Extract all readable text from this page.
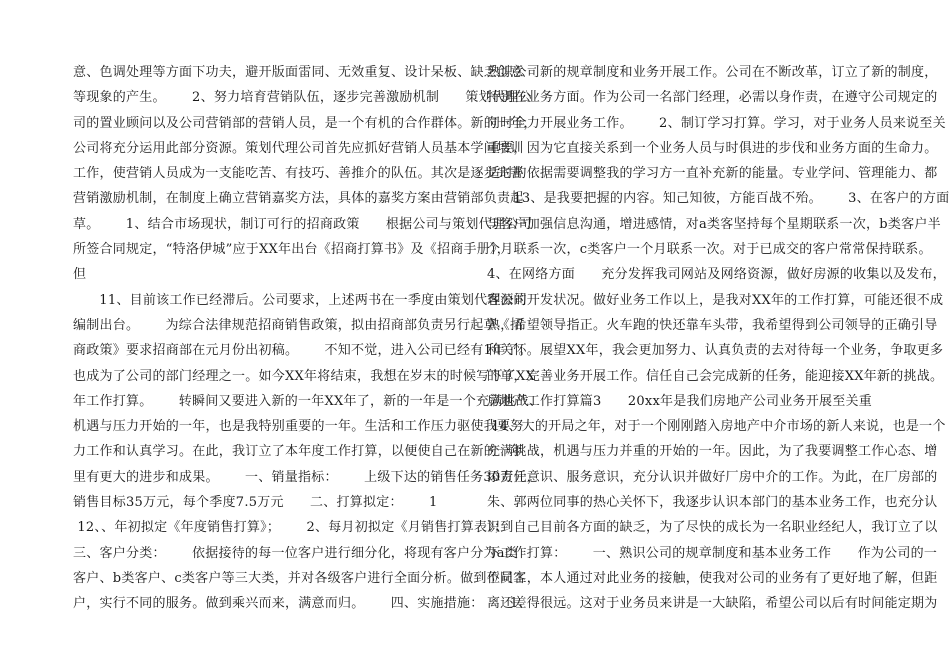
意、色调处理等方面下功夫，避开版面雷同、无效重复、设计呆板、缺乏创意
等现象的产生。      2、努力培育营销队伍，逐步完善激励机制      策划代理公
司的置业顾问以及公司营销部的营销人员，是一个有机的合作群体。新的一年，
公司将充分运用此部分资源。策划代理公司首先应抓好营销人员基本学问培训
工作，使营销人员成为一支能吃苦、有技巧、善推介的队伍。其次是逐步完善
营销激励机制，在制度上确立营销嘉奖方法，具体的嘉奖方案由营销部负责起
草。      1、结合市场现状，制订可行的招商政策      根据公司与策划代理公司
所签合同规定，“特洛伊城”应于XX年出台《招商打算书》及《招商手册》，
但
11、目前该工作已经滞后。公司要求，上述两书在一季度由策划代理公司
编制出台。      为综合法律规范招商销售政策，拟由招商部负责另行起草《招
商政策》要求招商部在元月份出初稿。      不知不觉，进入公司已经有1年了。
也成为了公司的部门经理之一。如今XX年将结束，我想在岁末的时候写下了XX
年工作打算。      转瞬间又要进入新的一年XX年了，新的一年是一个充满挑战、
机遇与压力开始的一年，也是我特别重要的一年。生活和工作压力驱使我要努
力工作和认真学习。在此，我订立了本年度工作打算，以便使自己在新的一年
里有更大的进步和成果。      一、销量指标：      上级下达的销售任务30万元，
销售目标35万元，每个季度7.5万元      二、打算拟定：      1
12、、年初拟定《年度销售打算》；      2、每月初拟定《月销售打算表》；
三、客户分类：      依据接待的每一位客户进行细分化，将现有客户分为a类
客户、b类客户、c类客户等三大类，并对各级客户进行全面分析。做到不同客
户，实行不同的服务。做到乘兴而来，满意而归。      四、实施措施：      1、
熟识公司新的规章制度和业务开展工作。公司在不断改革，订立了新的制度，
特别在业务方面。作为公司一名部门经理，必需以身作责，在遵守公司规定的
同时全力开展业务工作。      2、制订学习打算。学习，对于业务人员来说至关
重要，因为它直接关系到一个业务人员与时俱进的步伐和业务方面的生命力。
适时的依据需要调整我的学习方一直补充新的能量。专业学问、管理能力、都
13、是我要把握的内容。知己知彼，方能百战不殆。      3、在客户的方面
与客户加强信息沟通，增进感情，对a类客坚持每个星期联系一次，b类客户半
个月联系一次，c类客户一个月联系一次。对于已成交的客户常常保持联系。
4、在网络方面      充分发挥我司网站及网络资源，做好房源的收集以及发布，
客源的开发状况。做好业务工作以上，是我对XX年的工作打算，可能还很不成
熟，希望领导指正。火车跑的快还靠车头带，我希望得到公司领导的正确引导
和关怀。展望XX年，我会更加努力、认真负责的去对待每一个业务，争取更多
的单，完善业务开展工作。信任自己会完成新的任务，能迎接XX年新的挑战。
房地产工作打算篇3      20xx年是我们房地产公司业务开展至关重
14、大的开局之年，对于一个刚刚踏入房地产中介市场的新人来说，也是一个
充满挑战，机遇与压力并重的开始的一年。因此，为了我要调整工作心态、增
添责任意识、服务意识，充分认识并做好厂房中介的工作。为此，在厂房部的
朱、郭两位同事的热心关怀下，我逐步认识本部门的基本业务工作，也充分认
识到自己目前各方面的缺乏，为了尽快的成长为一名职业经纪人，我订立了以
下工作打算：      一、熟识公司的规章制度和基本业务工作      作为公司的一
位员工，本人通过对此业务的接触，使我对公司的业务有了更好地了解，但距
离还差得很远。这对于业务员来讲是一大缺陷，希望公司以后有时间能定期为
